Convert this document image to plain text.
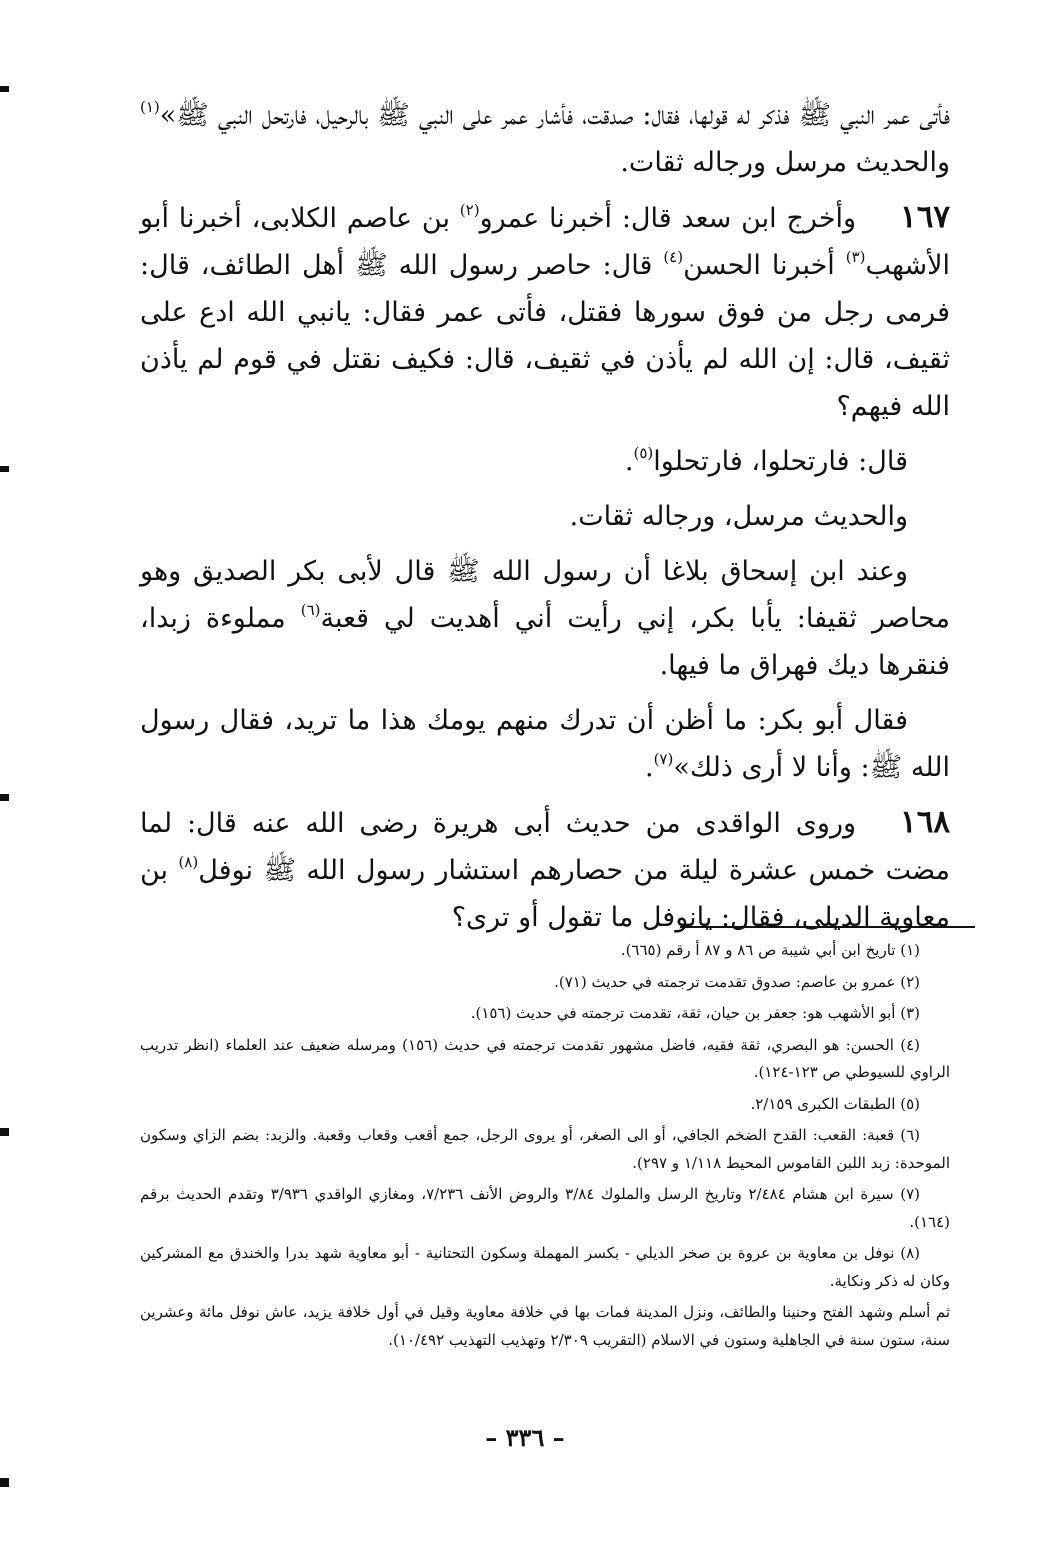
فأتى عمر النبي ﷺ فذكر له قولها، فقال: صدقت، فأشار عمر على النبي ﷺ بالرحيل، فارتحل النبي ﷺ»$^{(١)}$ والحديث مرسل ورجاله ثقات.

١٦٧وأخرج ابن سعد قال: أخبرنا عمرو$^{(٢)}$ بن عاصم الكلابى، أخبرنا أبو الأشهب$^{(٣)}$ أخبرنا الحسن$^{(٤)}$ قال: حاصر رسول الله ﷺ أهل الطائف، قال: فرمى رجل من فوق سورها فقتل، فأتى عمر فقال: يانبي الله ادع على ثقيف، قال: إن الله لم يأذن في ثقيف، قال: فكيف نقتل في قوم لم يأذن الله فيهم؟

قال: فارتحلوا، فارتحلوا$^{(٥)}$.

والحديث مرسل، ورجاله ثقات.

وعند ابن إسحاق بلاغا أن رسول الله ﷺ قال لأبى بكر الصديق وهو محاصر ثقيفا: يأبا بكر، إني رأيت أني أهديت لي قعبة$^{(٦)}$ مملوءة زبدا، فنقرها ديك فهراق ما فيها.

فقال أبو بكر: ما أظن أن تدرك منهم يومك هذا ما تريد، فقال رسول الله ﷺ: وأنا لا أرى ذلك»$^{(٧)}$.

١٦٨وروى الواقدى من حديث أبى هريرة رضى الله عنه قال: لما مضت خمس عشرة ليلة من حصارهم استشار رسول الله ﷺ نوفل$^{(٨)}$ بن معاوية الديلى، فقال: يانوفل ما تقول أو ترى؟

(١) تاريخ ابن أبي شيبة ص ٨٦ و ٨٧ أ رقم (٦٦٥).

(٢) عمرو بن عاصم: صدوق تقدمت ترجمته في حديث (٧١).

(٣) أبو الأشهب هو: جعفر بن حيان، ثقة، تقدمت ترجمته في حديث (١٥٦).

(٤) الحسن: هو البصري، ثقة فقيه، فاضل مشهور تقدمت ترجمته في حديث (١٥٦) ومرسله ضعيف عند العلماء (انظر تدريب الراوي للسيوطي ص ١٢٣-١٢٤).

(٥) الطبقات الكبرى ٢/١٥٩.

(٦) قعبة: القعب: القدح الضخم الجافي، أو الى الصغر، أو يروى الرجل، جمع أقعب وقعاب وقعبة. والزبد: بضم الزاي وسكون الموحدة: زبد اللبن القاموس المحيط ١/١١٨ و ٢٩٧).

(٧) سيرة ابن هشام ٢/٤٨٤ وتاريخ الرسل والملوك ٣/٨٤ والروض الأنف ٧/٢٣٦، ومغازي الواقدي ٣/٩٣٦ وتقدم الحديث برقم (١٦٤).

(٨) نوفل بن معاوية بن عروة بن صخر الديلي - بكسر المهملة وسكون التحتانية - أبو معاوية شهد بدرا والخندق مع المشركين وكان له ذكر ونكاية.

ثم أسلم وشهد الفتح وحنينا والطائف، ونزل المدينة فمات بها في خلافة معاوية وقيل في أول خلافة يزيد، عاش نوفل مائة وعشرين سنة، ستون سنة في الجاهلية وستون في الاسلام (التقريب ٢/٣٠٩ وتهذيب التهذيب ١٠/٤٩٢).

– ٣٣٦ –
